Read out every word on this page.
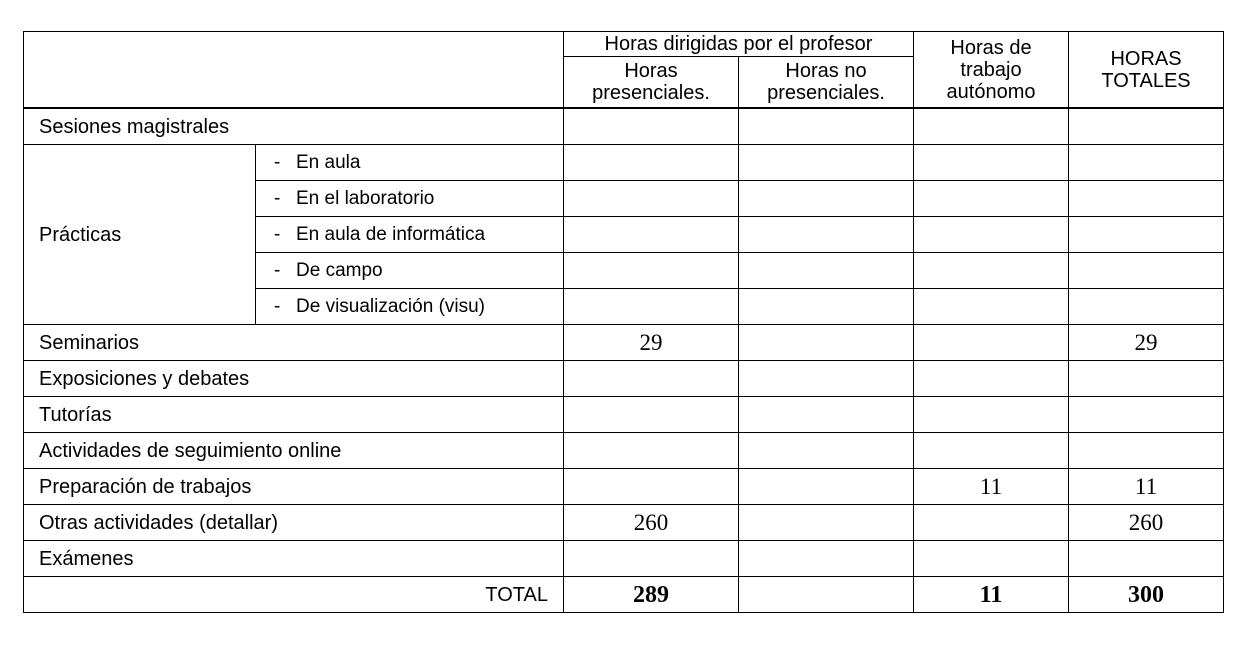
		Horas dirigidas por el profesor		Horas de trabajo autónomo	HORAS TOTALES
		Horas presenciales.	Horas no presenciales.		
Sesiones magistrales					
Prácticas	- En aula				
	- En el laboratorio				
	- En aula de informática				
	- De campo				
	- De visualización (visu)				
Seminarios		29			29
Exposiciones y debates					
Tutorías					
Actividades de seguimiento online					
Preparación de trabajos				11	11
Otras actividades (detallar)		260			260
Exámenes					
TOTAL		289		11	300
